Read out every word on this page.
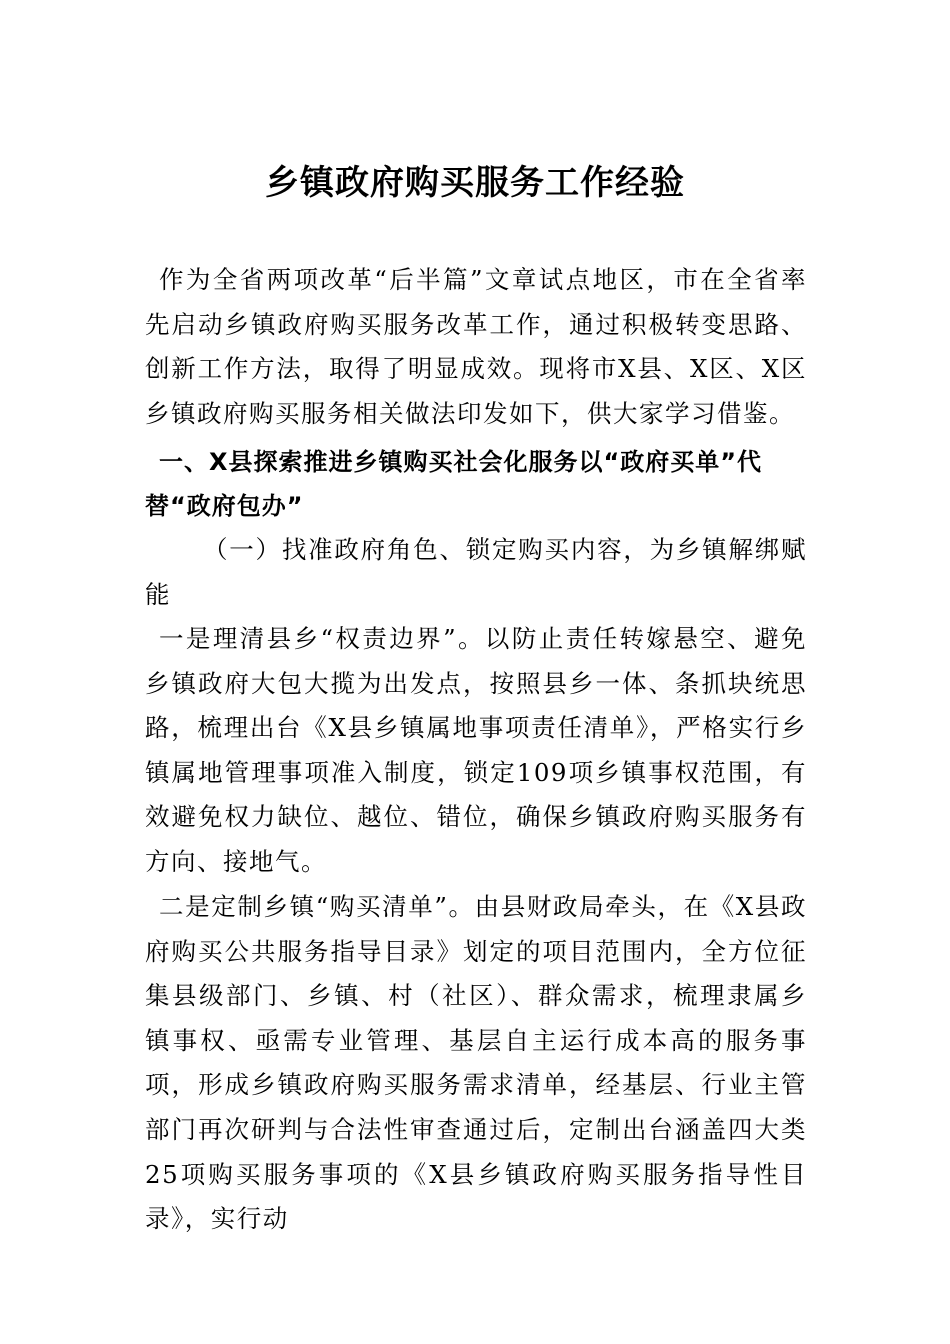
乡镇政府购买服务工作经验

作为全省两项改革“后半篇”文章试点地区，市在全省率先启动乡镇政府购买服务改革工作，通过积极转变思路、创新工作方法，取得了明显成效。现将市X县、X区、X区乡镇政府购买服务相关做法印发如下，供大家学习借鉴。

一、X县探索推进乡镇购买社会化服务以“政府买单”代替“政府包办”

（一）找准政府角色、锁定购买内容，为乡镇解绑赋能

一是理清县乡“权责边界”。以防止责任转嫁悬空、避免乡镇政府大包大揽为出发点，按照县乡一体、条抓块统思路，梳理出台《X县乡镇属地事项责任清单》，严格实行乡镇属地管理事项准入制度，锁定109项乡镇事权范围，有效避免权力缺位、越位、错位，确保乡镇政府购买服务有方向、接地气。

二是定制乡镇“购买清单”。由县财政局牵头，在《X县政府购买公共服务指导目录》划定的项目范围内，全方位征集县级部门、乡镇、村（社区）、群众需求，梳理隶属乡镇事权、亟需专业管理、基层自主运行成本高的服务事项，形成乡镇政府购买服务需求清单，经基层、行业主管部门再次研判与合法性审查通过后，定制出台涵盖四大类25项购买服务事项的《X县乡镇政府购买服务指导性目录》，实行动
